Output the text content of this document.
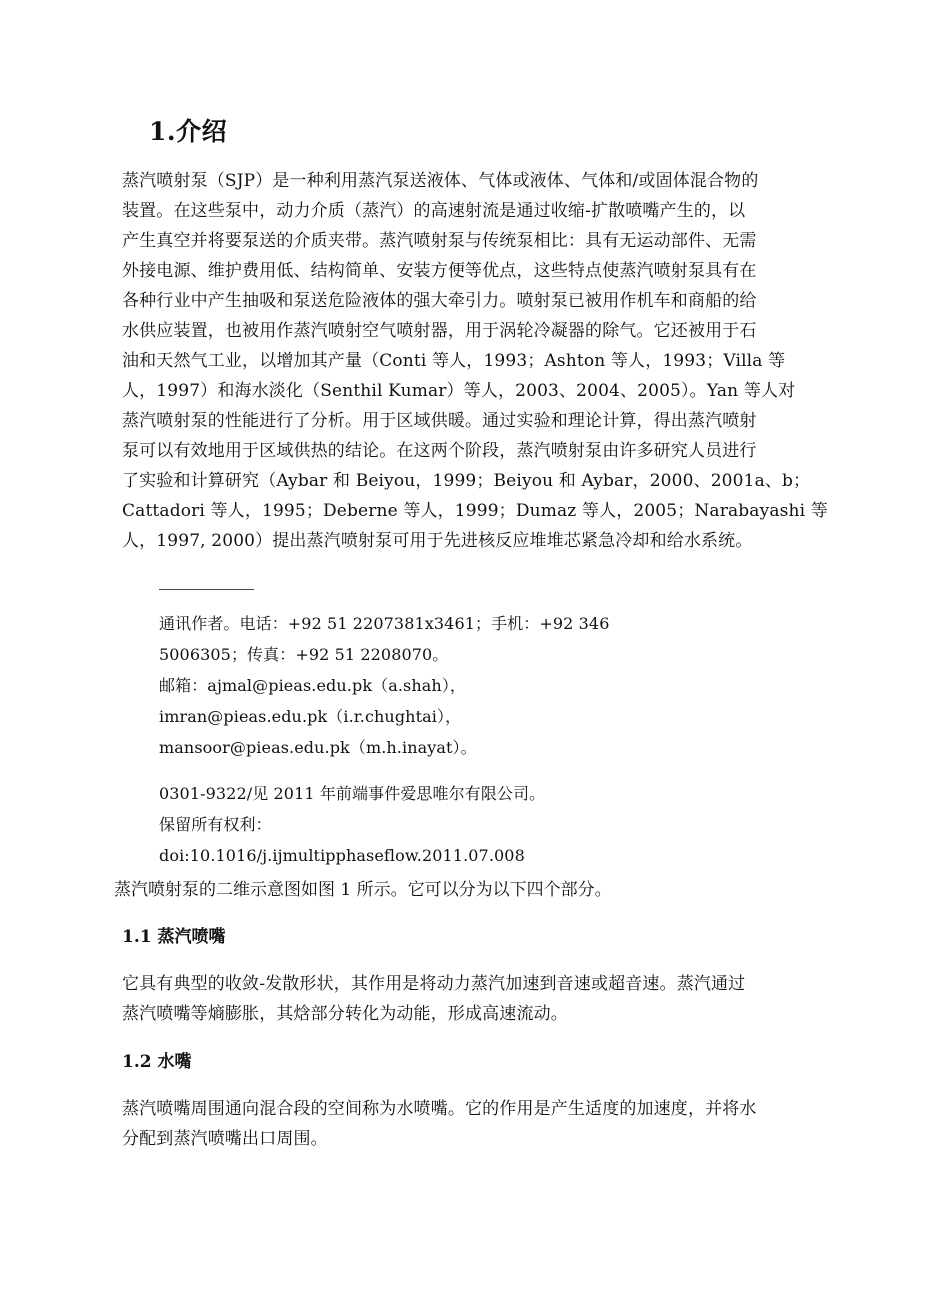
1.介绍
蒸汽喷射泵（SJP）是一种利用蒸汽泵送液体、气体或液体、气体和/或固体混合物的
装置。在这些泵中，动力介质（蒸汽）的高速射流是通过收缩-扩散喷嘴产生的，以
产生真空并将要泵送的介质夹带。蒸汽喷射泵与传统泵相比：具有无运动部件、无需
外接电源、维护费用低、结构简单、安装方便等优点，这些特点使蒸汽喷射泵具有在
各种行业中产生抽吸和泵送危险液体的强大牵引力。喷射泵已被用作机车和商船的给
水供应装置，也被用作蒸汽喷射空气喷射器，用于涡轮冷凝器的除气。它还被用于石
油和天然气工业，以增加其产量（Conti 等人，1993；Ashton 等人，1993；Villa 等
人，1997）和海水淡化（Senthil Kumar）等人，2003、2004、2005）。Yan 等人对
蒸汽喷射泵的性能进行了分析。用于区域供暖。通过实验和理论计算，得出蒸汽喷射
泵可以有效地用于区域供热的结论。在这两个阶段，蒸汽喷射泵由许多研究人员进行
了实验和计算研究（Aybar 和 Beiyou，1999；Beiyou 和 Aybar，2000、2001a、b；
Cattadori 等人，1995；Deberne 等人，1999；Dumaz 等人，2005；Narabayashi 等
人，1997, 2000）提出蒸汽喷射泵可用于先进核反应堆堆芯紧急冷却和给水系统。
通讯作者。电话：+92 51 2207381x3461；手机：+92 346
5006305；传真：+92 51 2208070。
邮箱：ajmal@pieas.edu.pk（a.shah），
imran@pieas.edu.pk（i.r.chughtai），
mansoor@pieas.edu.pk（m.h.inayat）。
0301-9322/见 2011 年前端事件爱思唯尔有限公司。
保留所有权利：
doi:10.1016/j.ijmultipphaseflow.2011.07.008
蒸汽喷射泵的二维示意图如图 1 所示。它可以分为以下四个部分。
1.1 蒸汽喷嘴
它具有典型的收敛-发散形状，其作用是将动力蒸汽加速到音速或超音速。蒸汽通过
蒸汽喷嘴等熵膨胀，其焓部分转化为动能，形成高速流动。
1.2 水嘴
蒸汽喷嘴周围通向混合段的空间称为水喷嘴。它的作用是产生适度的加速度，并将水
分配到蒸汽喷嘴出口周围。
